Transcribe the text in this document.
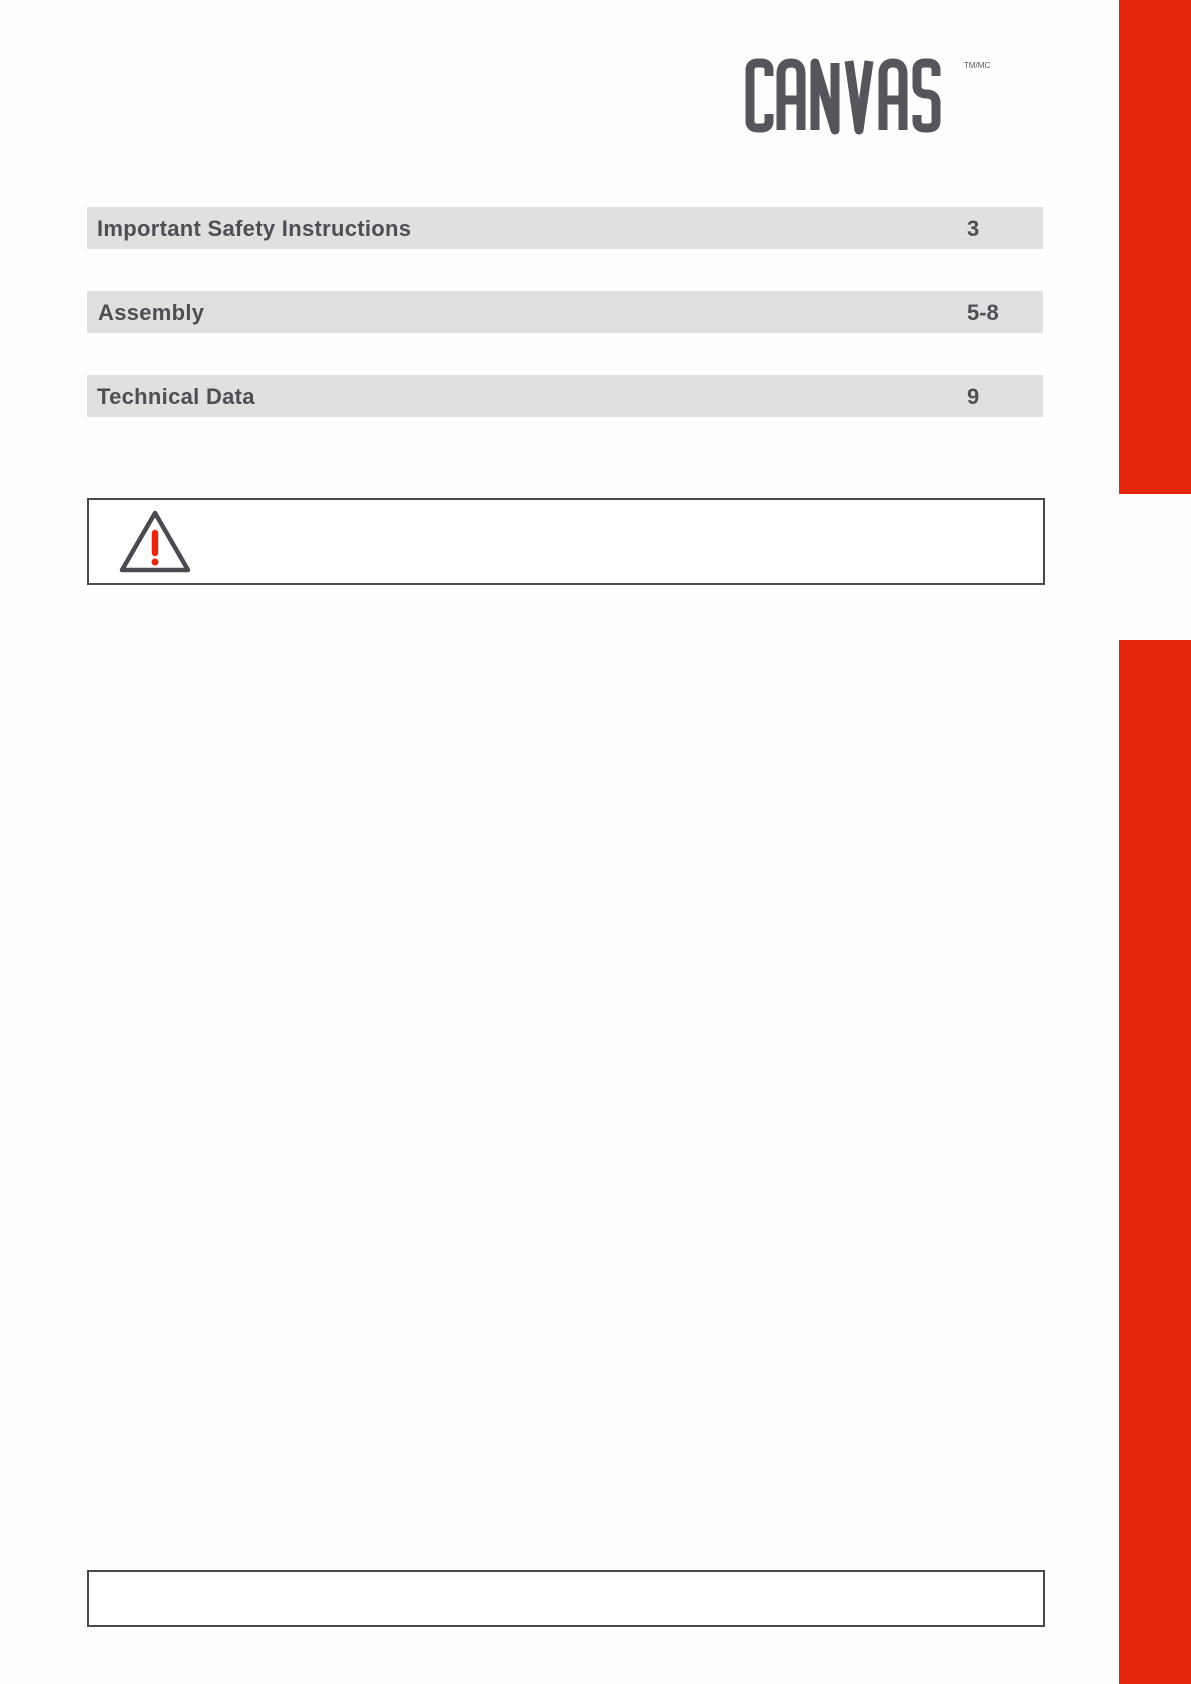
TM/MC
Important Safety Instructions	3
Assembly	5-8
Technical Data	9
